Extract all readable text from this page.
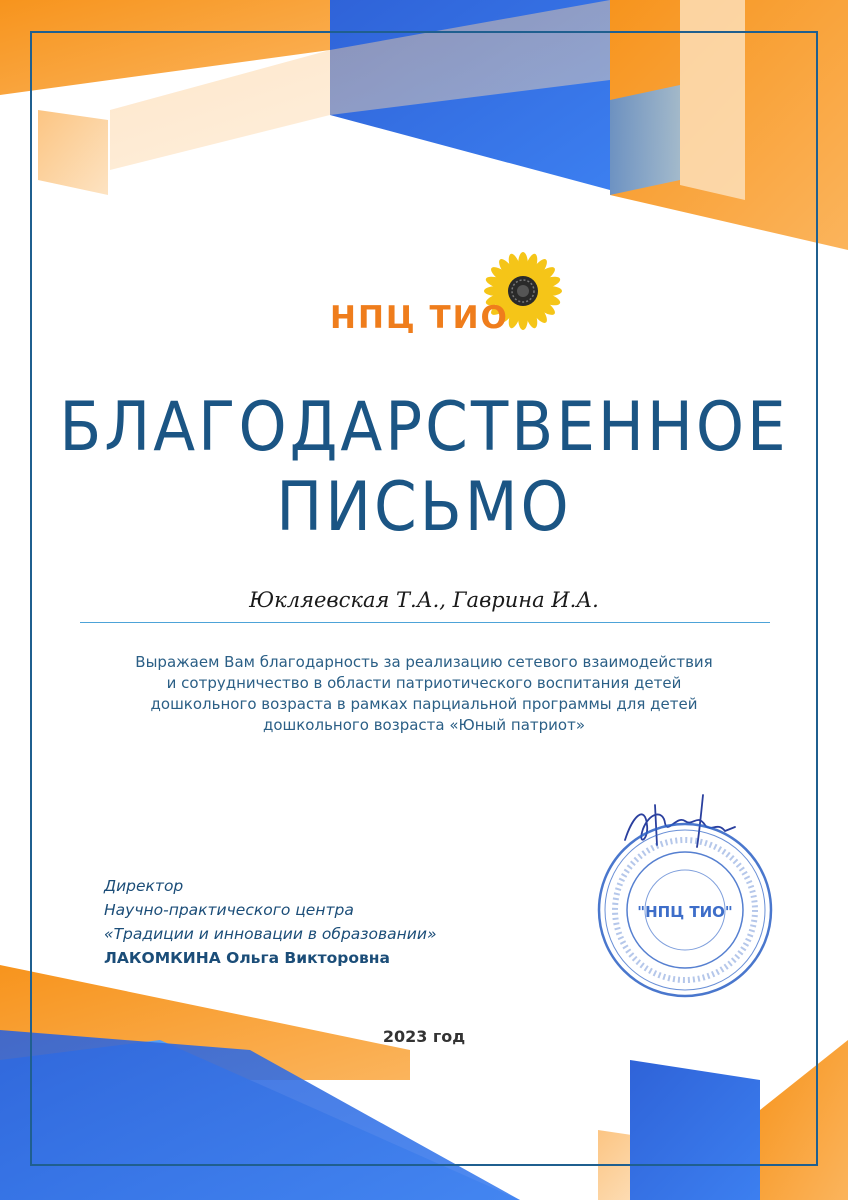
НПЦ ТИО
БЛАГОДАРСТВЕННОЕ
ПИСЬМО
Юкляевская Т.А., Гаврина И.А.
Выражаем Вам благодарность за реализацию сетевого взаимодействия
и сотрудничество в области патриотического воспитания детей
дошкольного возраста в рамках парциальной программы для детей
дошкольного возраста «Юный патриот»
Директор
Научно-практического центра
«Традиции и инновации в образовании»
ЛАКОМКИНА Ольга Викторовна
"НПЦ ТИО"
2023 год
